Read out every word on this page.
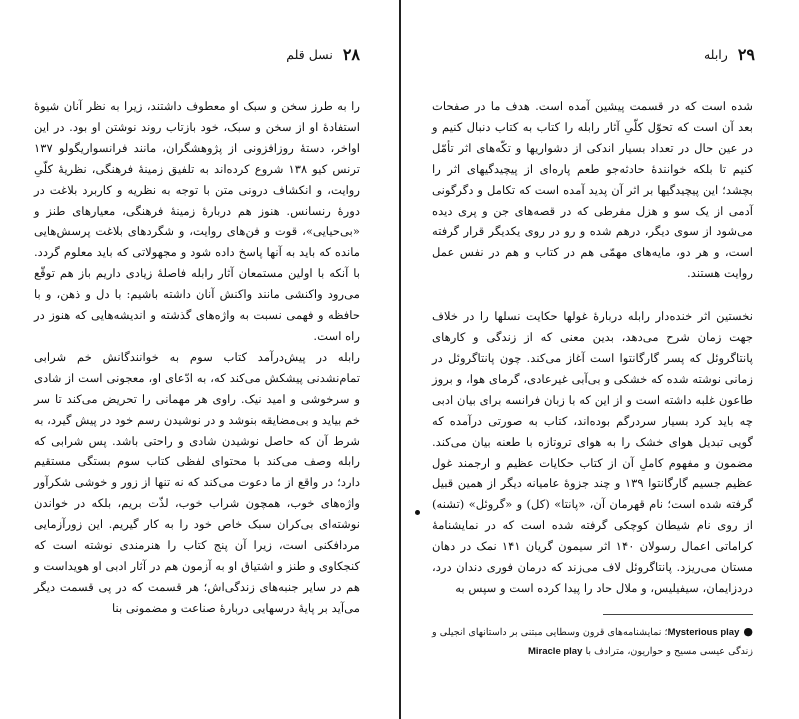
۲۸
نسل قلم

را به طرز سخن و سبک او معطوف داشتند، زیرا به نظر آنان شیوهٔ استفادهٔ او از سخن و سبک، خود بازتاب روند نوشتن او بود. در این اواخر، دستهٔ روزافزونی از پژوهشگران، مانند فرانسواریگولو ۱۳۷ ترنس کیو ۱۳۸ شروع کرده‌اند به تلفیق زمینهٔ فرهنگی، نظریهٔ کلّیِ روایت، و انکشاف درونی متن با توجه به نظریه و کاربرد بلاغت در دورهٔ رنسانس. هنوز هم دربارهٔ زمینهٔ فرهنگی، معیارهای طنز و «بی‌حیایی»، قوت و فن‌های روایت، و شگردهای بلاغت پرسش‌هایی مانده که باید به آنها پاسخ داده شود و مجهولاتی که باید معلوم گردد. با آنکه با اولین مستمعان آثار رابله فاصلهٔ زیادی داریم باز هم توقّع می‌رود واکنشی مانند واکنش آنان داشته باشیم: با دل و ذهن، و با حافظه و فهمی نسبت به واژه‌های گذشته و اندیشه‌هایی که هنوز در راه است.

رابله در پیش‌درآمد کتاب سوم به خوانندگانش خم شرابی تمام‌نشدنی پیشکش می‌کند که، به ادّعای او، معجونی است از شادی و سرخوشی و امید نیک. راوی هر مهمانی را تحریض می‌کند تا سر خم بیاید و بی‌مضایقه بنوشد و در نوشیدن رسم خود در پیش گیرد، به شرط آن که حاصل نوشیدن شادی و راحتی باشد. پس شرابی که رابله وصف می‌کند با محتوای لفظی کتاب سوم بستگی مستقیم دارد؛ در واقع از ما دعوت می‌کند که نه تنها از زور و خوشی شکرآور واژه‌های خوب، همچون شراب خوب، لذّت بریم، بلکه در خواندن نوشته‌ای بی‌کران سبک خاص خود را به کار گیریم. این زورآزمایی مردافکنی است، زیرا آن پنج کتاب را هنرمندی نوشته است که کنجکاوی و طنز و اشتیاق او به آزمون هم در آثار ادبی او هویداست و هم در سایر جنبه‌های زندگی‌اش؛ هر قسمت که در پی قسمت دیگر می‌آید بر پایهٔ درسهایی دربارهٔ صناعت و مضمونی بنا

۲۹
رابله

شده است که در قسمت پیشین آمده است. هدف ما در صفحات بعد آن است که تحوّل کلّیِ آثار رابله را کتاب به کتاب دنبال کنیم و در عین حال در تعداد بسیار اندکی از دشواریها و تکّه‌های اثر تأمّل کنیم تا بلکه خوانندهٔ حادثه‌جو طعم پاره‌ای از پیچیدگیهای اثر را بچشد؛ این پیچیدگیها بر اثر آن پدید آمده است که تکامل و دگرگونی آدمی از یک سو و هزل مفرطی که در قصه‌های جن و پری دیده می‌شود از سوی دیگر، درهم شده و رو در روی یکدیگر قرار گرفته است، و هر دو، مایه‌های مهمّی هم در کتاب و هم در نفس عمل روایت هستند.

نخستین اثر خنده‌دار رابله دربارهٔ غولها حکایت نسلها را در خلاف جهت زمان شرح می‌دهد، بدین معنی که از زندگی و کارهای پانتاگروئل که پسر گارگانتوا است آغاز می‌کند. چون پانتاگروئل در زمانی نوشته شده که خشکی و بی‌آبی غیرعادی، گرمای هوا، و بروز طاعون غلبه داشته است و از این که با زبان فرانسه برای بیان ادبی چه باید کرد بسیار سردرگم بوده‌اند، کتاب به صورتی درآمده که گویی تبدیل هوای خشک را به هوای تروتازه با طعنه بیان می‌کند. مضمون و مفهوم کاملِ آن از کتاب حکایات عظیم و ارجمند غول عظیم جسیم گارگانتوا ۱۳۹ و چند جزوهٔ عامیانه دیگر از همین قبیل گرفته شده است؛ نام قهرمان آن، «پانتا» (کل) و «گروئل» (تشنه) از روی نام شیطان کوچکی گرفته شده است که در نمایشنامهٔ کراماتی اعمال رسولان ۱۴۰ اثر سیمون گریان ۱۴۱ نمک در دهان مستان می‌ریزد. پانتاگروئل لاف می‌زند که درمان فوری دندان درد، دردزایمان، سیفیلیس، و ملال حاد را پیدا کرده است و سپس به

●Mysterious play؛ نمایشنامه‌های قرون وسطایی مبتنی بر داستانهای انجیلی و زندگی عیسی مسیح و حواریون، مترادف با Miracle play
